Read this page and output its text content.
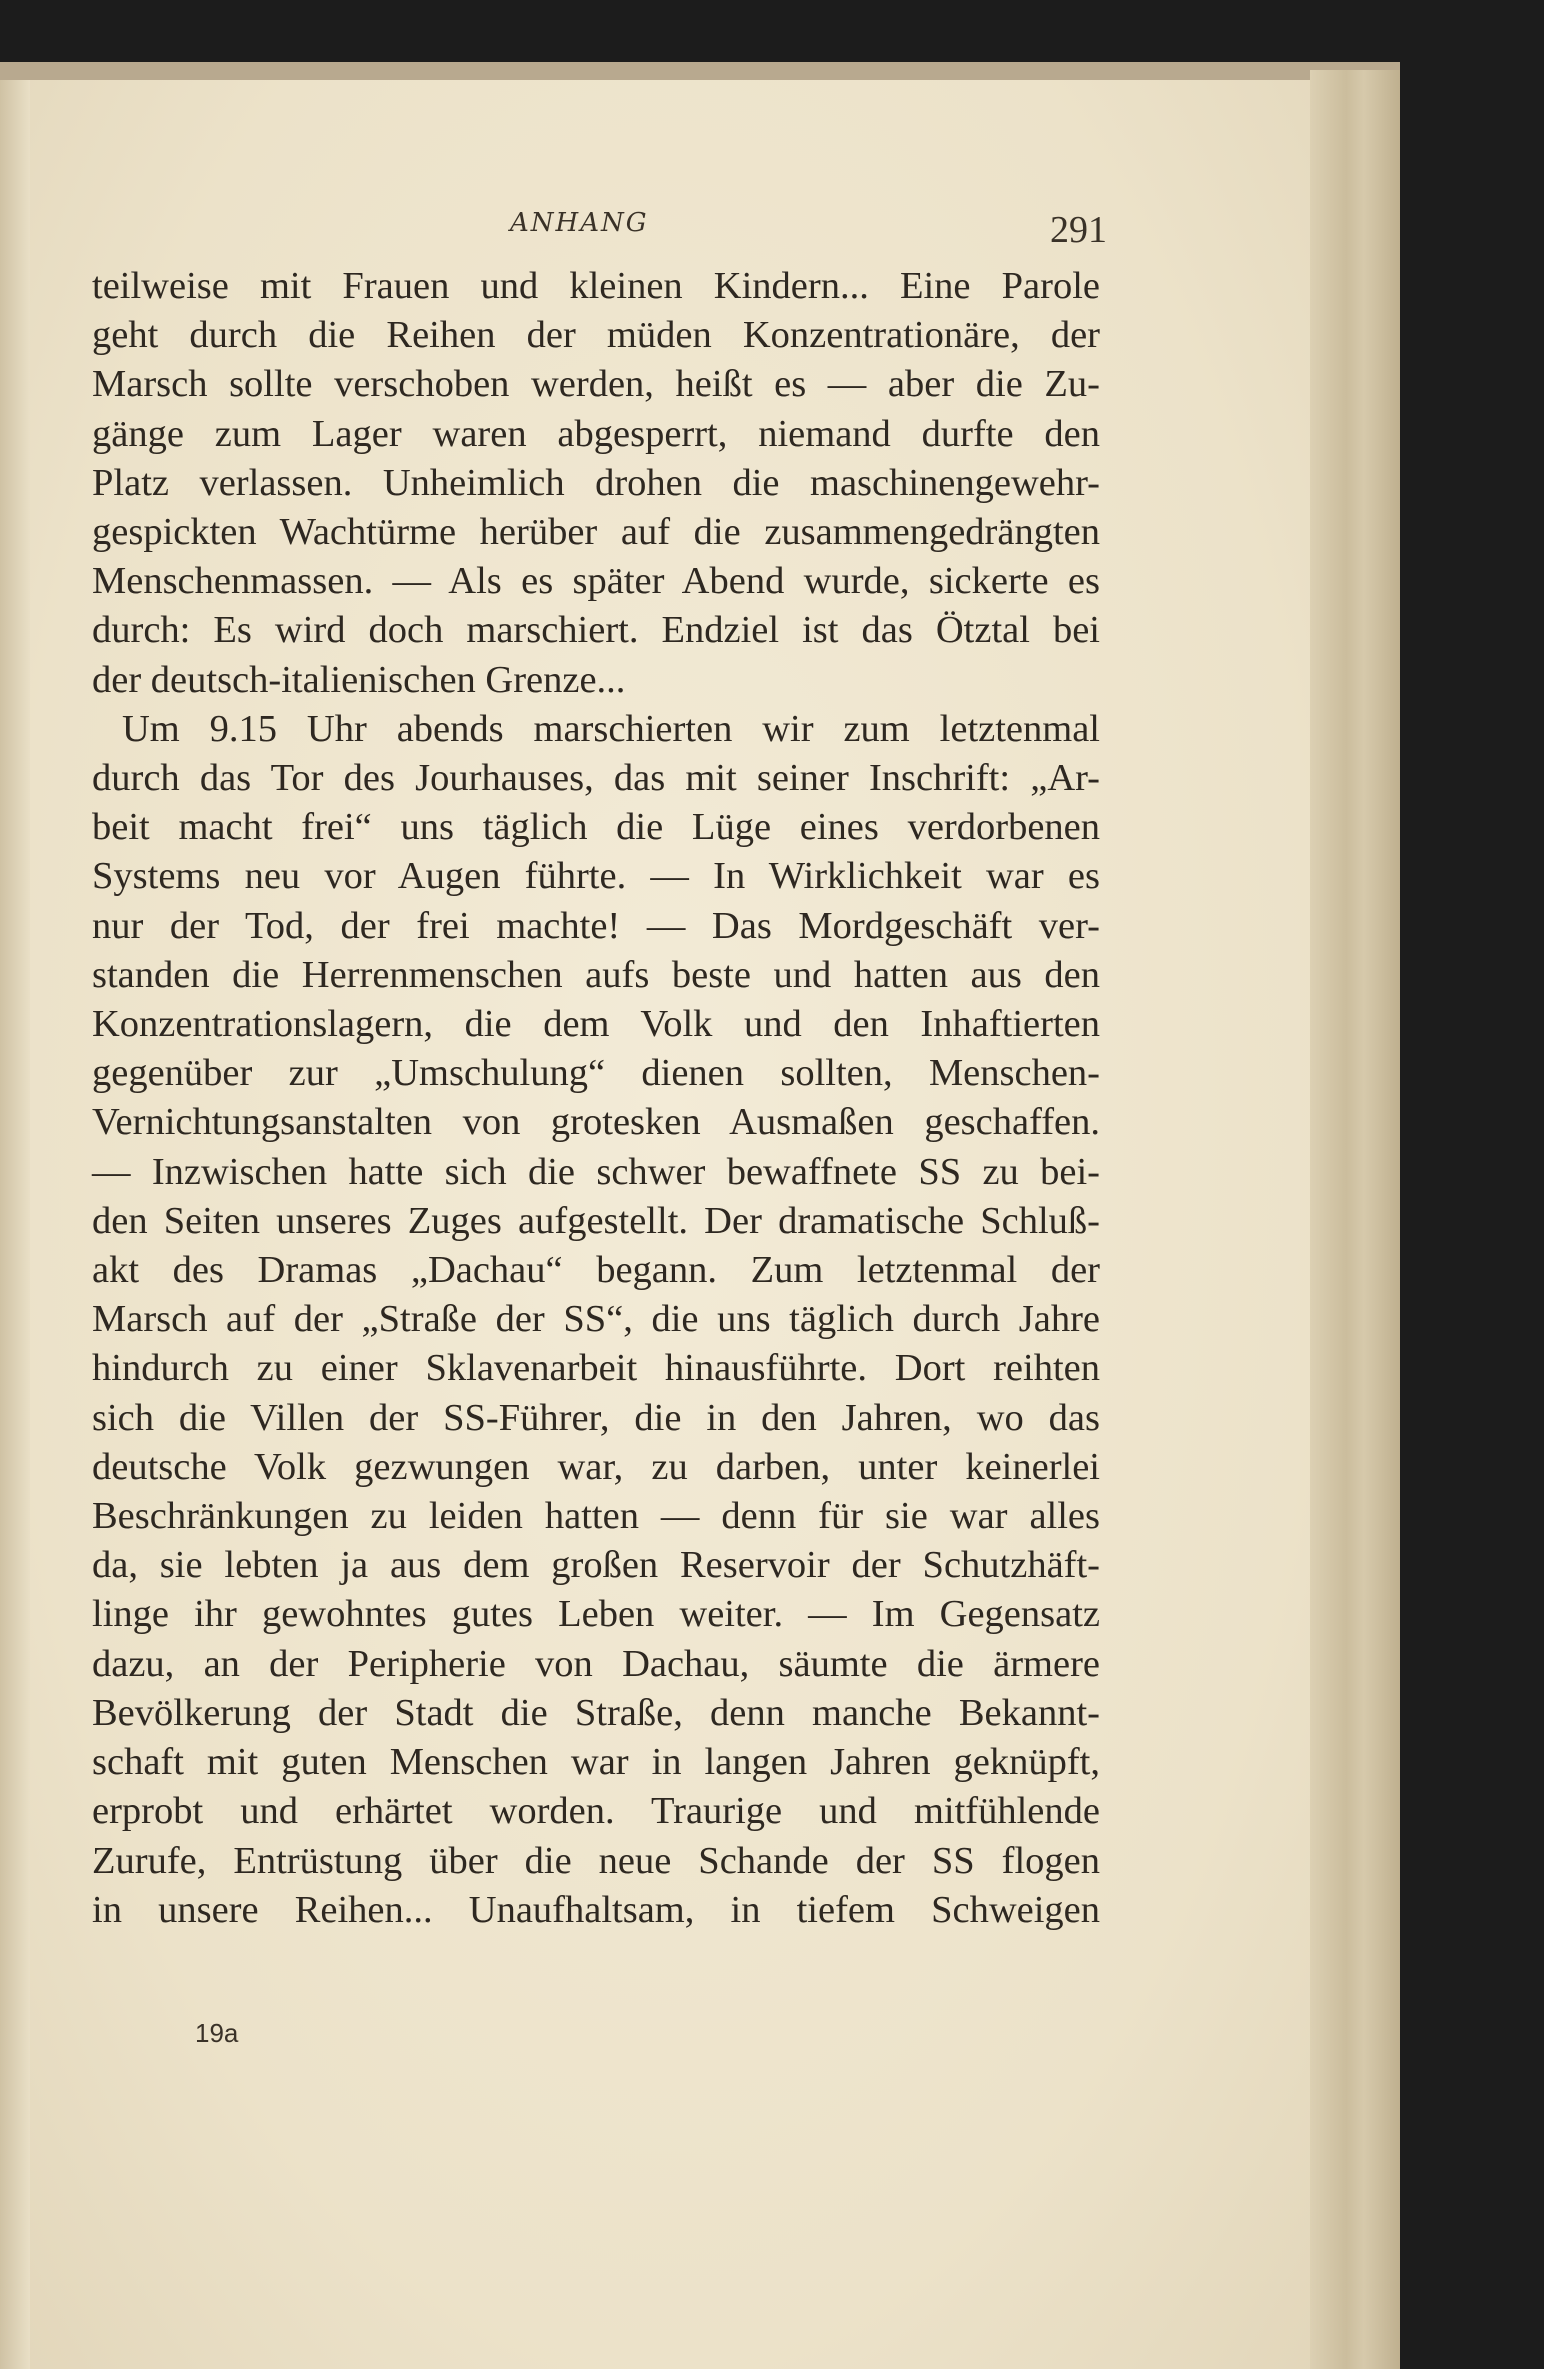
ANHANG	291
teilweise mit Frauen und kleinen Kindern... Eine Parole
geht durch die Reihen der müden Konzentrationäre, der
Marsch sollte verschoben werden, heißt es — aber die Zu-
gänge zum Lager waren abgesperrt, niemand durfte den
Platz verlassen. Unheimlich drohen die maschinengewehr-
gespickten Wachtürme herüber auf die zusammengedrängten
Menschenmassen. — Als es später Abend wurde, sickerte es
durch: Es wird doch marschiert. Endziel ist das Ötztal bei
der deutsch-italienischen Grenze...
Um 9.15 Uhr abends marschierten wir zum letztenmal
durch das Tor des Jourhauses, das mit seiner Inschrift: „Ar-
beit macht frei“ uns täglich die Lüge eines verdorbenen
Systems neu vor Augen führte. — In Wirklichkeit war es
nur der Tod, der frei machte! — Das Mordgeschäft ver-
standen die Herrenmenschen aufs beste und hatten aus den
Konzentrationslagern, die dem Volk und den Inhaftierten
gegenüber zur „Umschulung“ dienen sollten, Menschen-
Vernichtungsanstalten von grotesken Ausmaßen geschaffen.
— Inzwischen hatte sich die schwer bewaffnete SS zu bei-
den Seiten unseres Zuges aufgestellt. Der dramatische Schluß-
akt des Dramas „Dachau“ begann. Zum letztenmal der
Marsch auf der „Straße der SS“, die uns täglich durch Jahre
hindurch zu einer Sklavenarbeit hinausführte. Dort reihten
sich die Villen der SS-Führer, die in den Jahren, wo das
deutsche Volk gezwungen war, zu darben, unter keinerlei
Beschränkungen zu leiden hatten — denn für sie war alles
da, sie lebten ja aus dem großen Reservoir der Schutzhäft-
linge ihr gewohntes gutes Leben weiter. — Im Gegensatz
dazu, an der Peripherie von Dachau, säumte die ärmere
Bevölkerung der Stadt die Straße, denn manche Bekannt-
schaft mit guten Menschen war in langen Jahren geknüpft,
erprobt und erhärtet worden. Traurige und mitfühlende
Zurufe, Entrüstung über die neue Schande der SS flogen
in unsere Reihen... Unaufhaltsam, in tiefem Schweigen
19a
